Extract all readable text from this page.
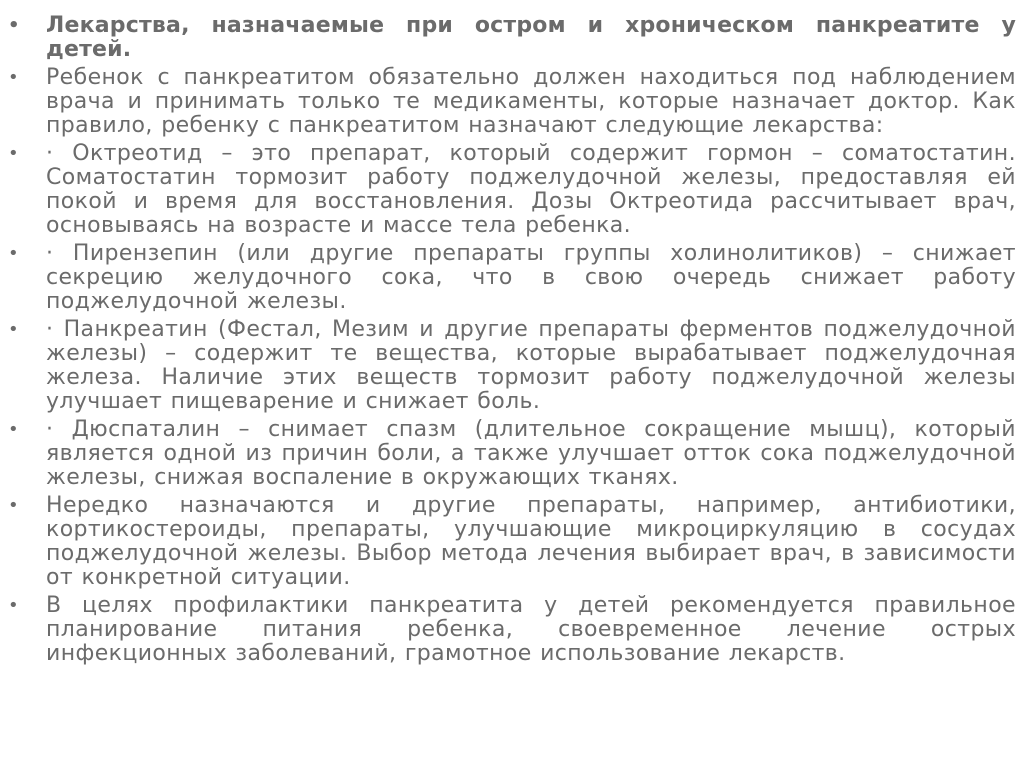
•	Лекарства, назначаемые при остром и хроническом панкреатите у детей.
•	Ребенок с панкреатитом обязательно должен находиться под наблюдением врача и принимать только те медикаменты, которые назначает доктор. Как правило, ребенку с панкреатитом назначают следующие лекарства:
•	· Октреотид – это препарат, который содержит гормон – соматостатин. Соматостатин тормозит работу поджелудочной железы, предоставляя ей покой и время для восстановления. Дозы Октреотида рассчитывает врач, основываясь на возрасте и массе тела ребенка.
•	· Пирензепин (или другие препараты группы холинолитиков) – снижает секрецию желудочного сока, что в свою очередь снижает работу поджелудочной железы.
•	· Панкреатин (Фестал, Мезим и другие препараты ферментов поджелудочной железы) – содержит те вещества, которые вырабатывает поджелудочная железа. Наличие этих веществ тормозит работу поджелудочной железы улучшает пищеварение и снижает боль.
•	· Дюспаталин – снимает спазм (длительное сокращение мышц), который является одной из причин боли, а также улучшает отток сока поджелудочной железы, снижая воспаление в окружающих тканях.
•	Нередко назначаются и другие препараты, например, антибиотики, кортикостероиды, препараты, улучшающие микроциркуляцию в сосудах поджелудочной железы. Выбор метода лечения выбирает врач, в зависимости от конкретной ситуации.
•	В целях профилактики панкреатита у детей рекомендуется правильное планирование питания ребенка, своевременное лечение острых инфекционных заболеваний, грамотное использование лекарств.
